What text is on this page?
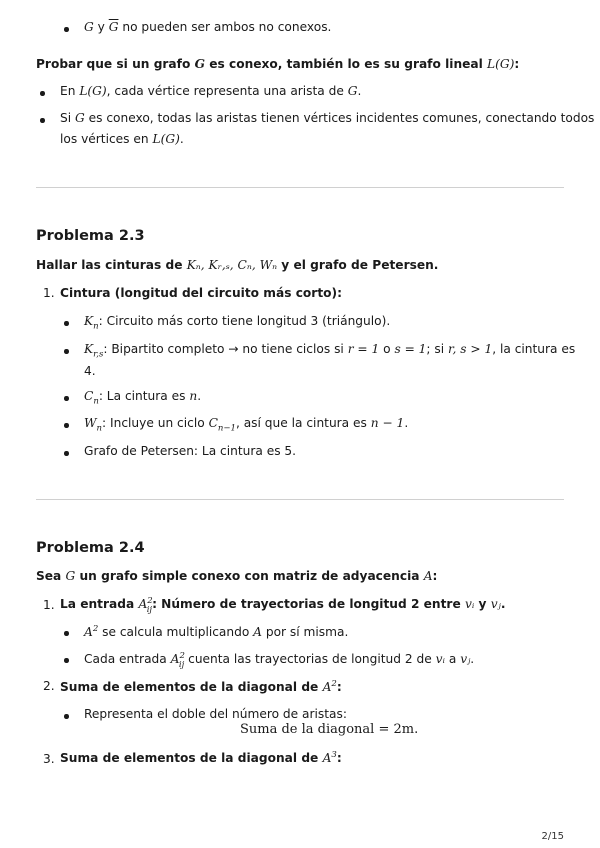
G y $\overline{G}$ no pueden ser ambos no conexos.
Probar que si un grafo G es conexo, también lo es su grafo lineal L(G):
En L(G), cada vértice representa una arista de G.
Si G es conexo, todas las aristas tienen vértices incidentes comunes, conectando todos
los vértices en L(G).
Problema 2.3
Hallar las cinturas de Kₙ, Kᵣ,ₛ, Cₙ, Wₙ y el grafo de Petersen.
1. Cintura (longitud del circuito más corto):
$K_n$: Circuito más corto tiene longitud 3 (triángulo).
$K_{r,s}$: Bipartito completo → no tiene ciclos si r = 1 o s = 1; si r, s > 1, la cintura es
4.
$C_n$: La cintura es n.
$W_n$: Incluye un ciclo $C_{n-1}$, así que la cintura es n − 1.
Grafo de Petersen: La cintura es 5.
Problema 2.4
Sea G un grafo simple conexo con matriz de adyacencia A:
1. La entrada $A^2_{ij}$: Número de trayectorias de longitud 2 entre vᵢ y vⱼ.
$A^2$ se calcula multiplicando A por sí misma.
Cada entrada $A^2_{ij}$ cuenta las trayectorias de longitud 2 de vᵢ a vⱼ.
2. Suma de elementos de la diagonal de $A^2$:
Representa el doble del número de aristas:
Suma de la diagonal = 2m.
3. Suma de elementos de la diagonal de $A^3$:
2/15
